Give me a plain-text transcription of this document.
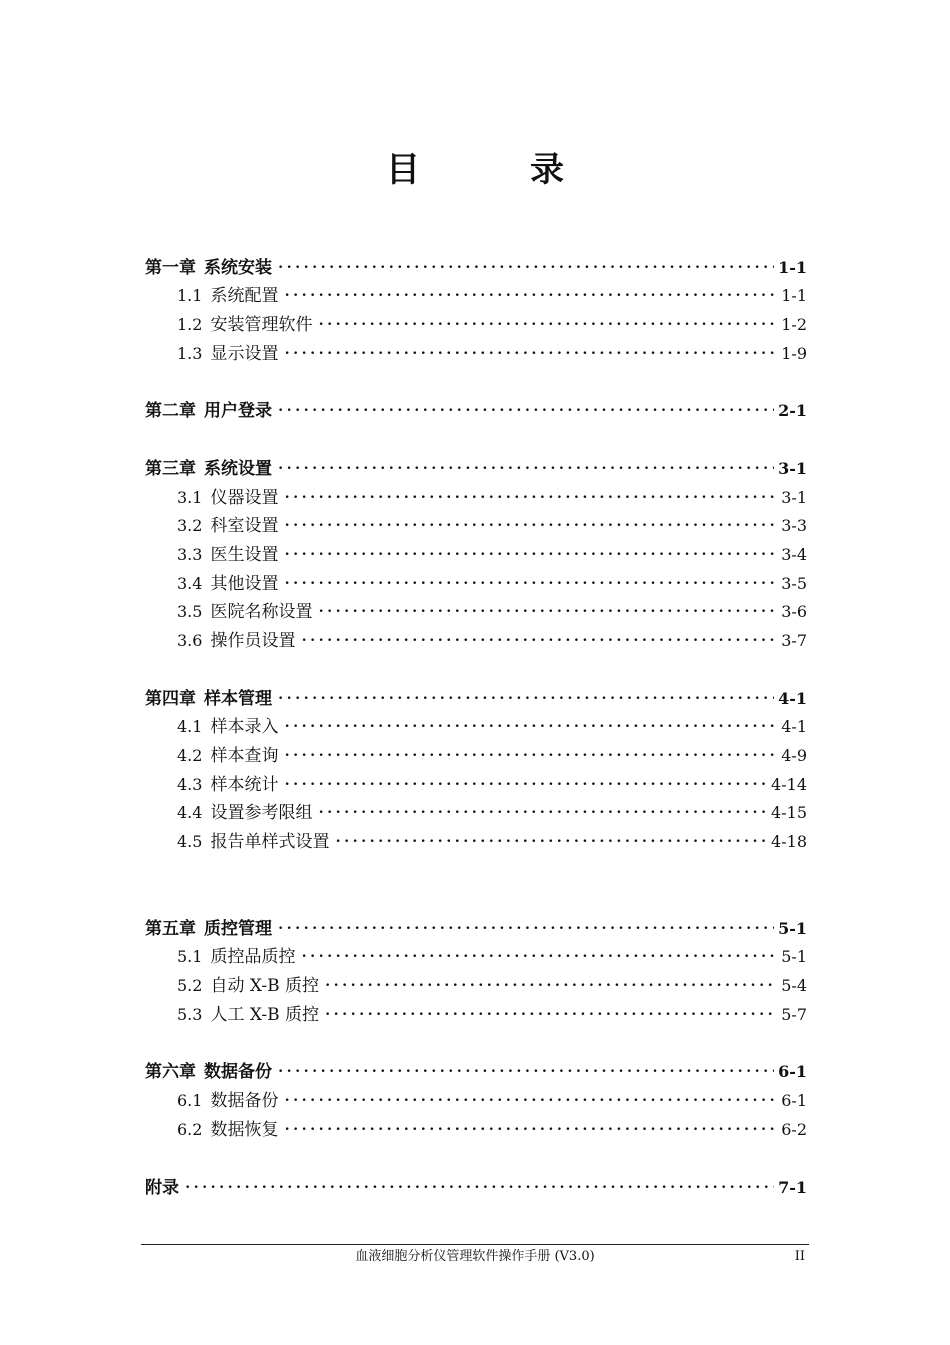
目	录
第一章 系统安装 •••••	1-1
1.1 系统配置 •••••	1-1
1.2 安装管理软件 •••••	1-2
1.3 显示设置 •••••	1-9
第二章 用户登录 •••••	2-1
第三章 系统设置 •••••	3-1
3.1 仪器设置 •••••	3-1
3.2 科室设置 •••••	3-3
3.3 医生设置 •••••	3-4
3.4 其他设置 •••••	3-5
3.5 医院名称设置 •••••	3-6
3.6 操作员设置 •••••	3-7
第四章 样本管理 •••••	4-1
4.1 样本录入 •••••	4-1
4.2 样本查询 •••••	4-9
4.3 样本统计 •••••	4-14
4.4 设置参考限组 •••••	4-15
4.5 报告单样式设置 •••••	4-18
第五章 质控管理 •••••	5-1
5.1 质控品质控 •••••	5-1
5.2 自动 X-B 质控 •••••	5-4
5.3 人工 X-B 质控 •••••	5-7
第六章 数据备份 •••••	6-1
6.1 数据备份 •••••	6-1
6.2 数据恢复 •••••	6-2
附录 •••••	7-1
血液细胞分析仪管理软件操作手册 (V3.0)	II
